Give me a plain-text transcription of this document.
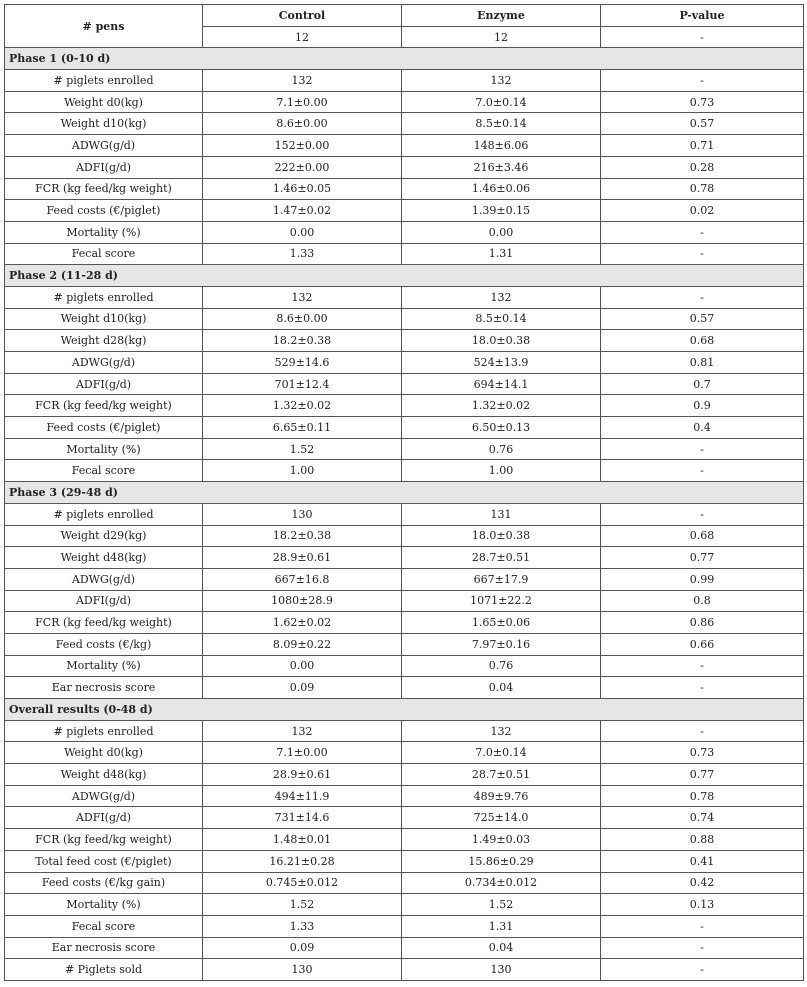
# pens	Control	Enzyme	P-value
	12	12	-
Phase 1 (0-10 d)			
# piglets enrolled	132	132	-
Weight d0(kg)	7.1±0.00	7.0±0.14	0.73
Weight d10(kg)	8.6±0.00	8.5±0.14	0.57
ADWG(g/d)	152±0.00	148±6.06	0.71
ADFI(g/d)	222±0.00	216±3.46	0.28
FCR (kg feed/kg weight)	1.46±0.05	1.46±0.06	0.78
Feed costs (€/piglet)	1.47±0.02	1.39±0.15	0.02
Mortality (%)	0.00	0.00	-
Fecal score	1.33	1.31	-
Phase 2 (11-28 d)			
# piglets enrolled	132	132	-
Weight d10(kg)	8.6±0.00	8.5±0.14	0.57
Weight d28(kg)	18.2±0.38	18.0±0.38	0.68
ADWG(g/d)	529±14.6	524±13.9	0.81
ADFI(g/d)	701±12.4	694±14.1	0.7
FCR (kg feed/kg weight)	1.32±0.02	1.32±0.02	0.9
Feed costs (€/piglet)	6.65±0.11	6.50±0.13	0.4
Mortality (%)	1.52	0.76	-
Fecal score	1.00	1.00	-
Phase 3 (29-48 d)			
# piglets enrolled	130	131	-
Weight d29(kg)	18.2±0.38	18.0±0.38	0.68
Weight d48(kg)	28.9±0.61	28.7±0.51	0.77
ADWG(g/d)	667±16.8	667±17.9	0.99
ADFI(g/d)	1080±28.9	1071±22.2	0.8
FCR (kg feed/kg weight)	1.62±0.02	1.65±0.06	0.86
Feed costs (€/kg)	8.09±0.22	7.97±0.16	0.66
Mortality (%)	0.00	0.76	-
Ear necrosis score	0.09	0.04	-
Overall results (0-48 d)			
# piglets enrolled	132	132	-
Weight d0(kg)	7.1±0.00	7.0±0.14	0.73
Weight d48(kg)	28.9±0.61	28.7±0.51	0.77
ADWG(g/d)	494±11.9	489±9.76	0.78
ADFI(g/d)	731±14.6	725±14.0	0.74
FCR (kg feed/kg weight)	1.48±0.01	1.49±0.03	0.88
Total feed cost (€/piglet)	16.21±0.28	15.86±0.29	0.41
Feed costs (€/kg gain)	0.745±0.012	0.734±0.012	0.42
Mortality (%)	1.52	1.52	0.13
Fecal score	1.33	1.31	-
Ear necrosis score	0.09	0.04	-
# Piglets sold	130	130	-
